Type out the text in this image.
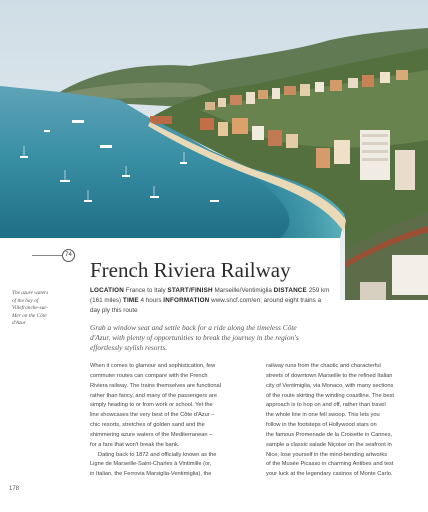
74
French Riviera Railway
The azure waters
of the bay of
Villefranche-sur-
Mer on the Côte
d'Azur
LOCATION France to Italy START/FINISH Marseille/Ventimiglia DISTANCE 259 km
(161 miles) TIME 4 hours INFORMATION www.sncf.com/en; around eight trains a
day ply this route
Grab a window seat and settle back for a ride along the timeless Côte
d'Azur, with plenty of opportunities to break the journey in the region's
effortlessly stylish resorts.
When it comes to glamour and sophistication, few
commuter routes can compare with the French
Riviera railway. The trains themselves are functional
rather than fancy, and many of the passengers are
simply heading to or from work or school. Yet the
line showcases the very best of the Côte d'Azur –
chic resorts, stretches of golden sand and the
shimmering azure waters of the Mediterranean –
for a fare that won't break the bank.
Dating back to 1872 and officially known as the
Ligne de Marseille-Saint-Charles à Vintimille (or,
in Italian, the Ferrovia Marsiglia-Ventimiglia), the
railway runs from the chaotic and characterful
streets of downtown Marseille to the refined Italian
city of Ventimiglia, via Monaco, with many sections
of the route skirting the winding coastline. The best
approach is to hop on and off, rather than travel
the whole line in one fell swoop. This lets you
follow in the footsteps of Hollywood stars on
the famous Promenade de la Croisette in Cannes,
sample a classic salade Niçoise on the seafront in
Nice, lose yourself in the mind-bending artworks
of the Musée Picasso in charming Antibes and test
your luck at the legendary casinos of Monte Carlo.
178
